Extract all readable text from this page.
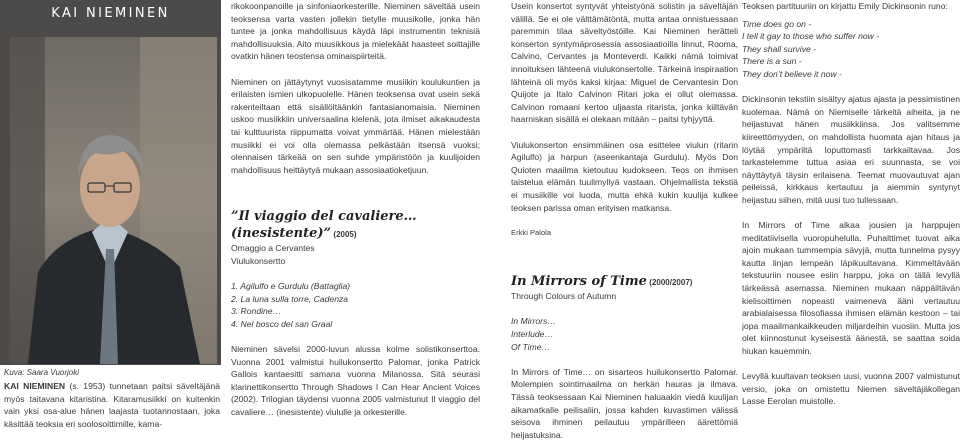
KAI NIEMINEN
Kuva: Saara Vuorjoki
KAI NIEMINEN (s. 1953) tunnetaan paitsi säveltäjänä myös taitavana kitaristina. Kitaramusiikki on kuitenkin vain yksi osa-alue hänen laajasta tuotannostaan, joka käsittää teoksia eri soolosoittimille, kama-

rikokoonpanoille ja sinfoniaorkesterille. Nieminen säveltää usein teoksensa varta vasten jollekin tietylle muusikolle, jonka hän tuntee ja jonka mahdollisuus käydä läpi instrumentin teknisiä mahdollisuuksia. Aito muusikkous ja mielekäät haasteet soittajille ovatkin hänen teostensa ominaispiirteitä.

Nieminen on jättäytynyt vuosisatamme musiikin koulukuntien ja erilaisten ismien ulkopuolelle. Hänen teoksensa ovat usein sekä rakenteiltaan että sisällöltäänkin fantasianomaisia. Nieminen uskoo musiikkiin universaalina kielenä, jota ilmiset aikakaudesta tai kulttuurista riippumatta voivat ymmärtää. Hänen mielestään musiikki ei voi olla olemassa pelkästään itsensä vuoksi; olennaisen tärkeää on sen suhde ympäristöön ja kuulijoiden mahdollisuus heittäytyä mukaan assosiaatioketjuun.

”Il viaggio del cavaliere…
(inesistente)” (2005)

Omaggio a Cervantes

Viulukonsertto

1. Agilulfo e Gurdulu (Battaglia)

2. La luna sulla torre, Cadenza

3. Rondine…

4. Nel bosco del san Graal

Nieminen sävelsi 2000-luvun alussa kolme solistikonserttoa. Vuonna 2001 valmistui huilukonsertto Palomar, jonka Patrick Gallois kantaesitti samana vuonna Milanossa. Sitä seurasi klarinettikonsertto Through Shadows I Can Hear Ancient Voices (2002). Trilogian täydensi vuonna 2005 valmistunut Il viaggio del cavaliere… (inesistente) viululle ja orkesterille.

Usein konsertot syntyvät yhteistyönä solistin ja säveltäjän välillä. Se ei ole välttämätöntä, mutta antaa onnistuessaan paremmin tilaa säveltyöstöille. Kai Nieminen herätteli konserton syntymäprosessia assosiaatioilla linnut, Rooma, Calvino, Cervantes ja Monteverdi. Kaikki nämä toimivat innoituksen lähteenä viulukonsertolle. Tärkeinä inspiraation lähteinä oli myös kaksi kirjaa: Miguel de Cervantesin Don Quijote ja Italo Calvinon Ritari joka ei ollut olemassa. Calvinon romaani kertoo uljaasta ritarista, jonka kiiltävän haarniskan sisällä ei olekaan mitään – paitsi tyhjyyttä.

Viulukonserton ensimmäinen osa esittelee viulun (ritarin Agilulfo) ja harpun (aseenkantaja Gurdulu). Myös Don Quioten maailma kietoutuu kudokseen. Teos on ihmisen taistelua elämän tuulimyllyä vastaan. Ohjelmallista tekstiä ei musiikille voi luoda, mutta ehkä kukin kuulija kulkee teoksen parissa oman erityisen matkansa.

Erkki Palola

In Mirrors of Time (2000/2007)

Through Colours of Autumn

In Mirrors…

Interlude…

Of Time…

In Mirrors of Time… on sisarteos huilukonsertto Palomar. Molempien sointimaailma on herkän hauras ja ilmava. Tässä teoksessaan Kai Nieminen haluaakin viedä kuulijan aikamatkalle peilisaliin, jossa kahden kuvastimen välissä seisova ihminen peilautuu ympärilleen äärettömiä heijastuksina.

Teoksen partituuriin on kirjattu Emily Dickinsonin runo:

Time does go on -

I tell it gay to those who suffer now -

They shall survive -

There is a sun -

They don’t believe it now -

Dickinsonin tekstiin sisältyy ajatus ajasta ja pessimistinen kuolemaa. Nämä on Niemiselle tärkeitä aiheita, ja ne heijastuvat hänen musiikkiinsa. Jos valitsemme kiireettömyyden, on mahdollista huomata ajan hitaus ja löytää ympäriltä loputtomasti tarkkailtavaa. Jos tarkastelemme tuttua asiaa eri suunnasta, se voi näyttäytyä täysin erilaisena. Teemat muovautuvat ajan peileissä, kirkkaus kertautuu ja aiemmin syntynyt heijastuu siihen, mitä uusi tuo tullessaan.

In Mirrors of Time alkaa jousien ja harppujen meditatiivisella vuoropuhelulla. Puhalttimet tuovat aika ajoin mukaan tummempia sävyjä, mutta tunnelma pysyy kautta linjan lempeän läpikuultavana. Kimmeltävään tekstuuriin nousee esiin harppu, joka on tällä levyllä tärkeässä asemassa. Nieminen mukaan näppäiltävän kielisoittimen nopeasti vaimeneva ääni vertautuu arabialaisessa filosofiassa ihmisen elämän kestoon – tai jopa maailmankaikkeuden miljardeihin vuosiin. Mutta jos olet kiinnostunut kyseisestä äänestä, se saattaa soida hiukan kauemmin.

Levyllä kuultavan teoksen uusi, vuonna 2007 valmistunut versio, joka on omistettu Niemen säveltäjäkollegan Lasse Eerolan muistolle.
